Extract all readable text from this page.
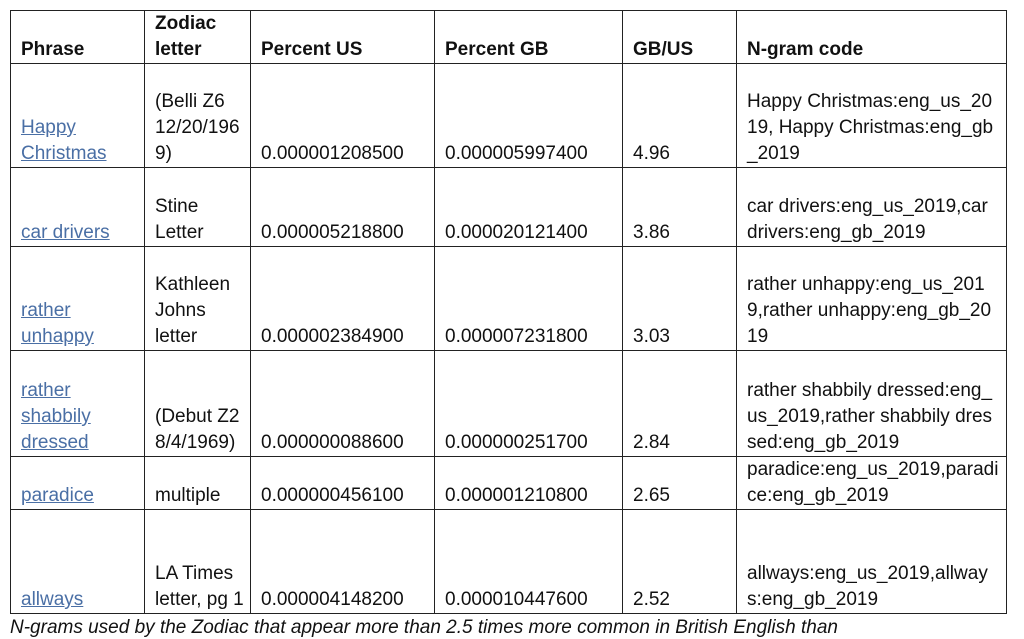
Phrase	Zodiac letter	Percent US	Percent GB	GB/US	N-gram code
Happy Christmas	(Belli Z6 12/20/1969)	0.000001208500	0.000005997400	4.96	Happy Christmas:eng_us_2019, Happy Christmas:eng_gb_2019
car drivers	Stine Letter	0.000005218800	0.000020121400	3.86	car drivers:eng_us_2019,car drivers:eng_gb_2019
rather unhappy	Kathleen Johns letter	0.000002384900	0.000007231800	3.03	rather unhappy:eng_us_2019,rather unhappy:eng_gb_2019
rather shabbily dressed	(Debut Z2 8/4/1969)	0.000000088600	0.000000251700	2.84	rather shabbily dressed:eng_us_2019,rather shabbily dressed:eng_gb_2019
paradice	multiple	0.000000456100	0.000001210800	2.65	paradice:eng_us_2019,paradice:eng_gb_2019
allways	LA Times letter, pg 1	0.000004148200	0.000010447600	2.52	allways:eng_us_2019,allways:eng_gb_2019
N-grams used by the Zodiac that appear more than 2.5 times more common in British English than
